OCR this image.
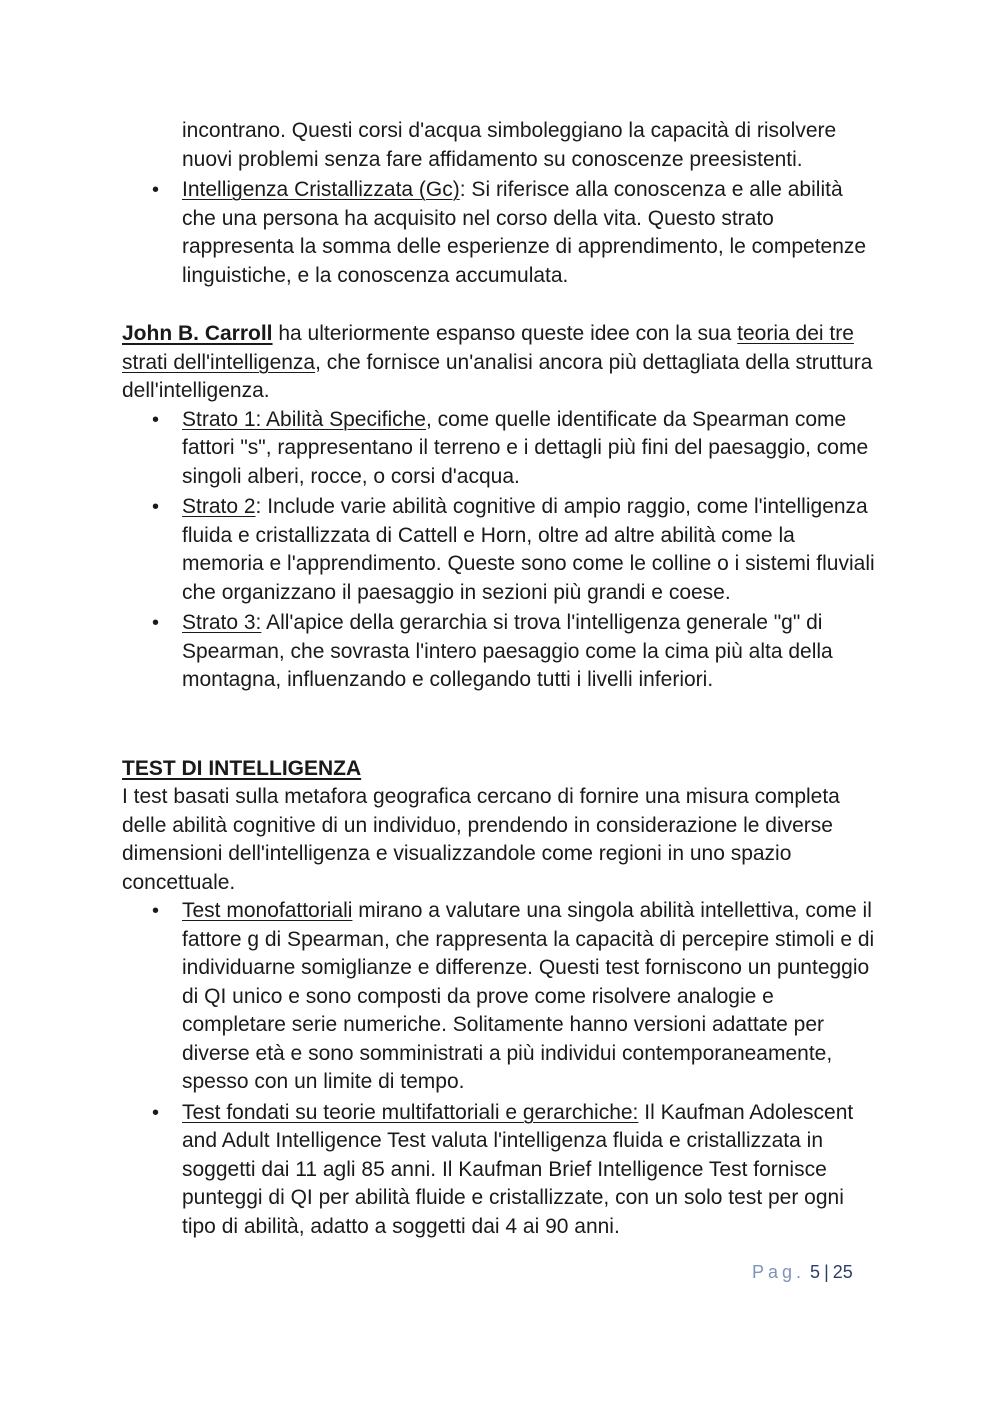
incontrano. Questi corsi d'acqua simboleggiano la capacità di risolvere nuovi problemi senza fare affidamento su conoscenze preesistenti.
•	Intelligenza Cristallizzata (Gc): Si riferisce alla conoscenza e alle abilità che una persona ha acquisito nel corso della vita. Questo strato rappresenta la somma delle esperienze di apprendimento, le competenze linguistiche, e la conoscenza accumulata.

John B. Carroll ha ulteriormente espanso queste idee con la sua teoria dei tre strati dell'intelligenza, che fornisce un'analisi ancora più dettagliata della struttura dell'intelligenza.

•	Strato 1: Abilità Specifiche, come quelle identificate da Spearman come fattori "s", rappresentano il terreno e i dettagli più fini del paesaggio, come singoli alberi, rocce, o corsi d'acqua.
•	Strato 2: Include varie abilità cognitive di ampio raggio, come l'intelligenza fluida e cristallizzata di Cattell e Horn, oltre ad altre abilità come la memoria e l'apprendimento. Queste sono come le colline o i sistemi fluviali che organizzano il paesaggio in sezioni più grandi e coese.
•	Strato 3: All'apice della gerarchia si trova l'intelligenza generale "g" di Spearman, che sovrasta l'intero paesaggio come la cima più alta della montagna, influenzando e collegando tutti i livelli inferiori.

TEST DI INTELLIGENZA

I test basati sulla metafora geografica cercano di fornire una misura completa delle abilità cognitive di un individuo, prendendo in considerazione le diverse dimensioni dell'intelligenza e visualizzandole come regioni in uno spazio concettuale.

•	Test monofattoriali mirano a valutare una singola abilità intellettiva, come il fattore g di Spearman, che rappresenta la capacità di percepire stimoli e di individuarne somiglianze e differenze. Questi test forniscono un punteggio di QI unico e sono composti da prove come risolvere analogie e completare serie numeriche. Solitamente hanno versioni adattate per diverse età e sono somministrati a più individui contemporaneamente, spesso con un limite di tempo.
•	Test fondati su teorie multifattoriali e gerarchiche: Il Kaufman Adolescent and Adult Intelligence Test valuta l'intelligenza fluida e cristallizzata in soggetti dai 11 agli 85 anni. Il Kaufman Brief Intelligence Test fornisce punteggi di QI per abilità fluide e cristallizzate, con un solo test per ogni tipo di abilità, adatto a soggetti dai 4 ai 90 anni.
Pag. 5 | 25
